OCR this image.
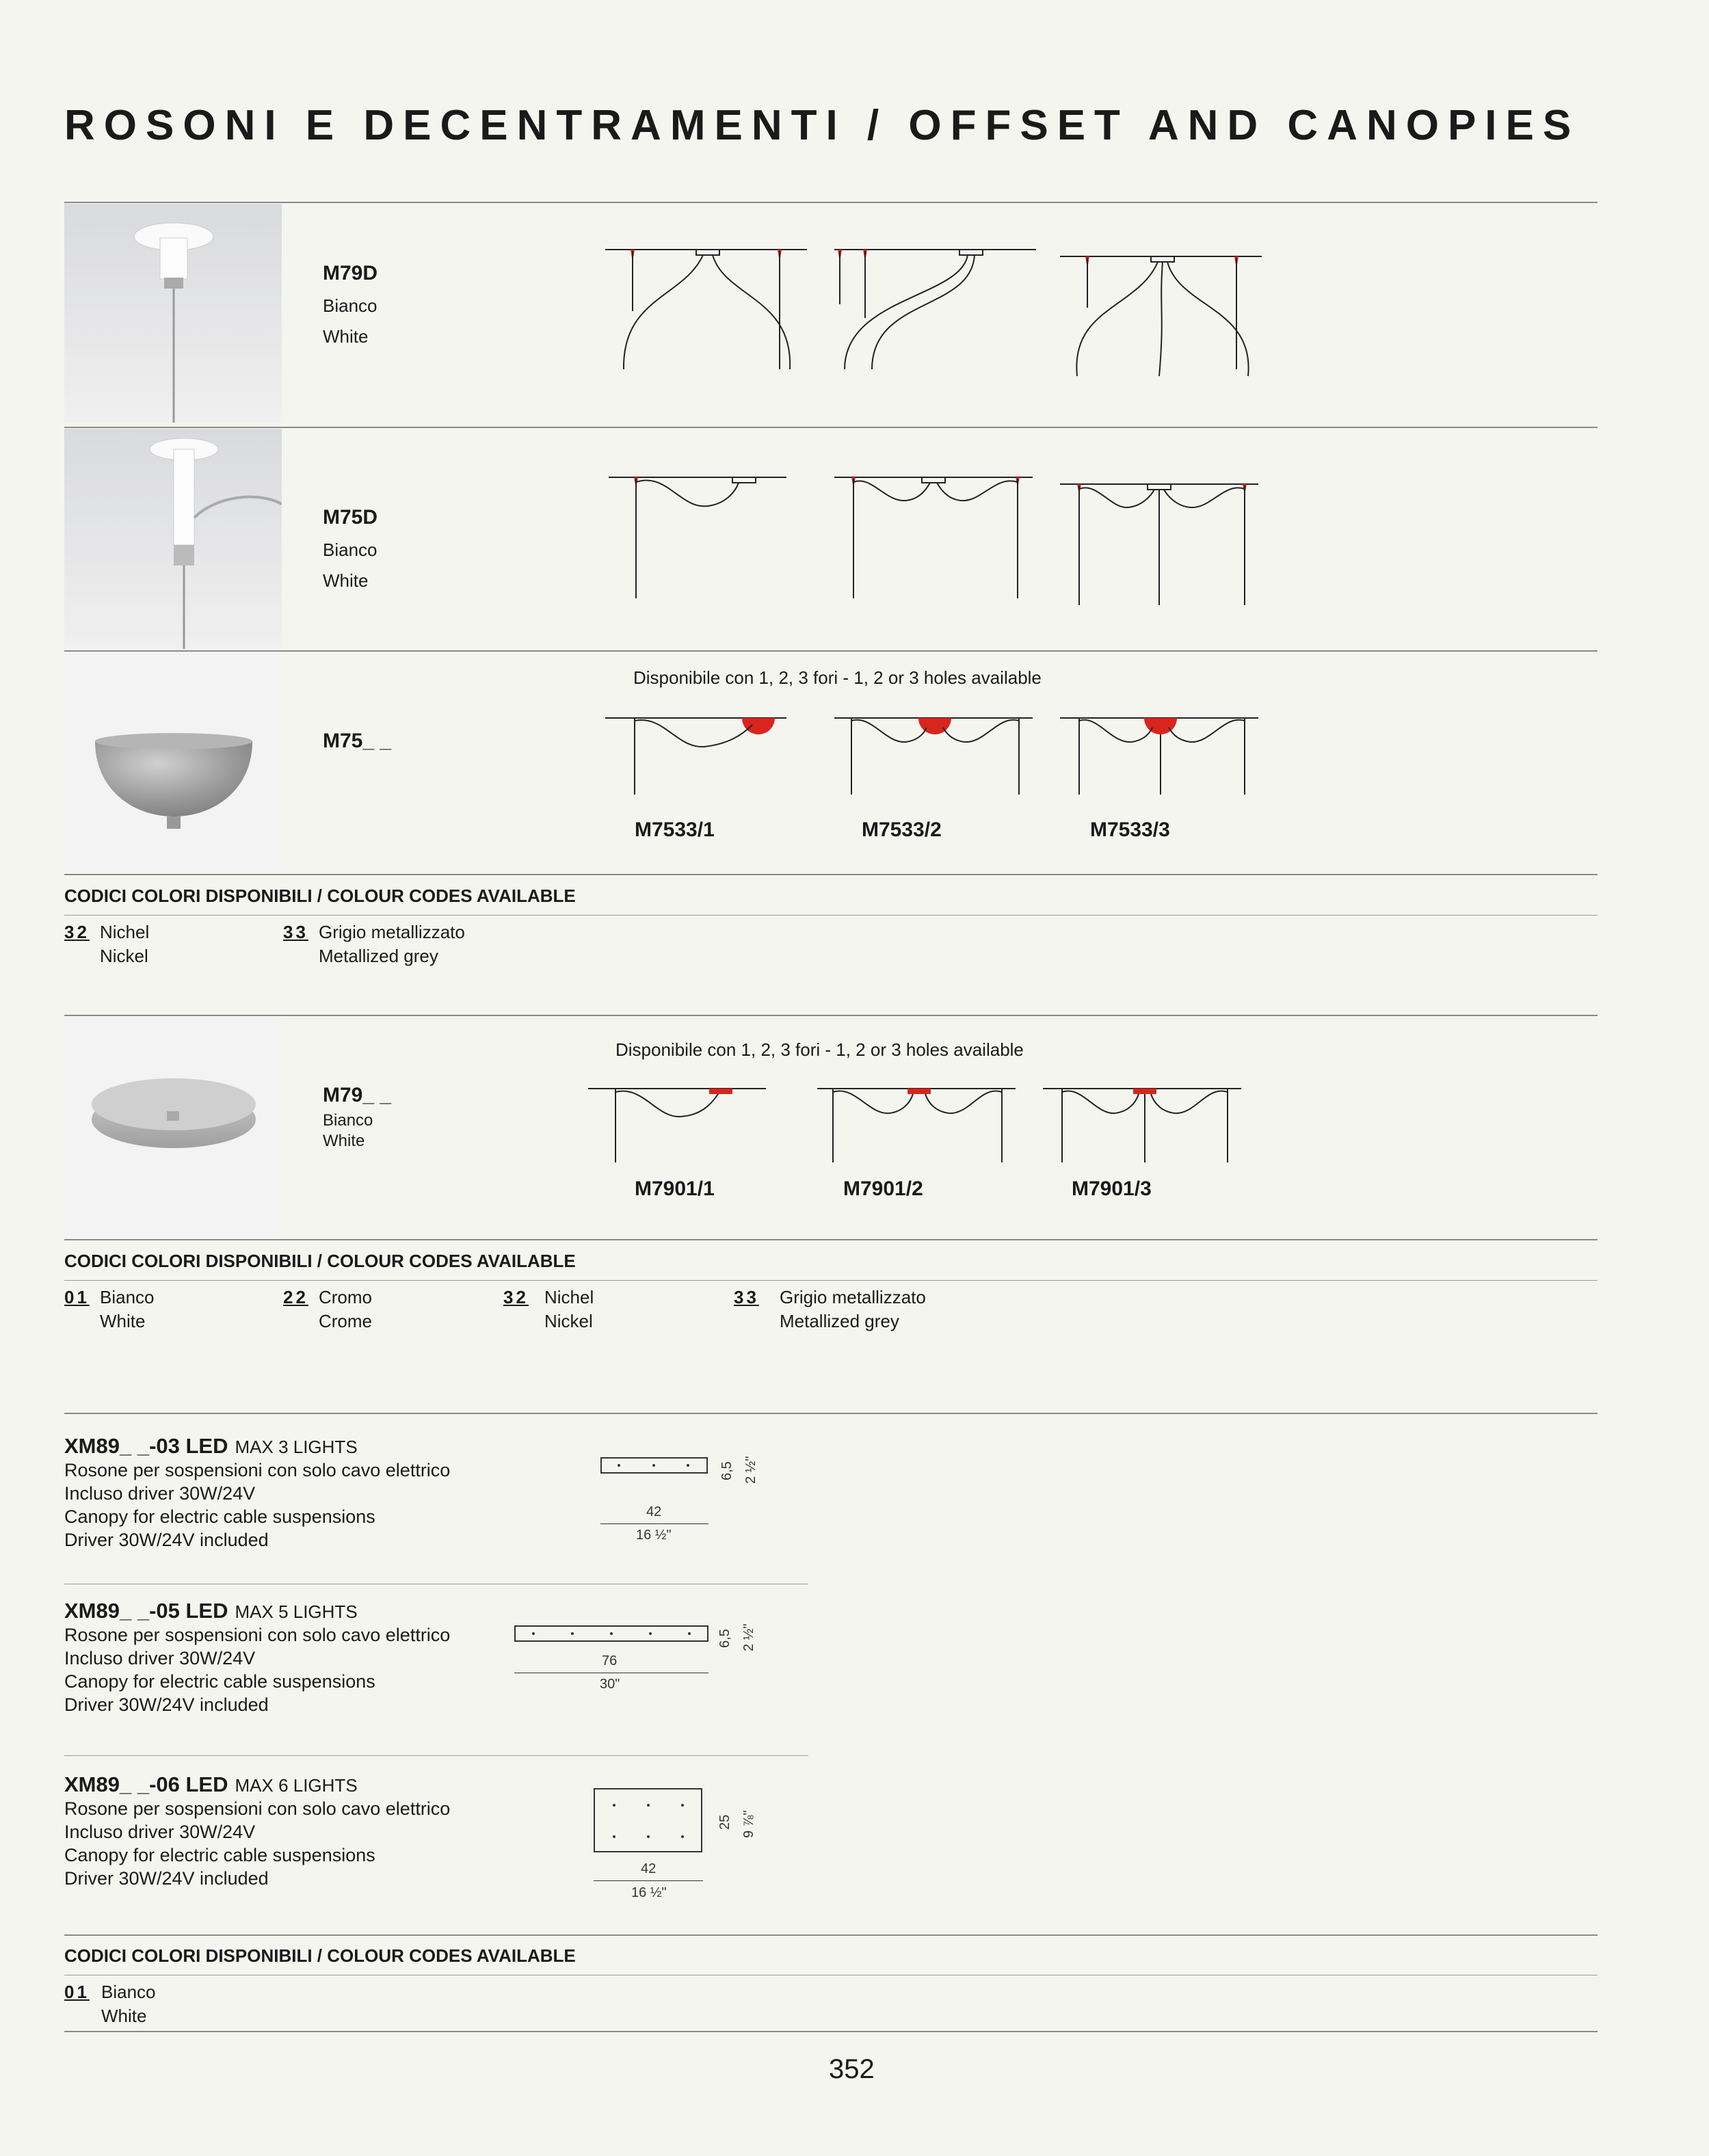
ROSONI E DECENTRAMENTI / OFFSET AND CANOPIES
M79D
Bianco
White
M75D
Bianco
White
M75_ _
Disponibile con 1, 2, 3 fori - 1, 2 or 3 holes available
M7533/1	M7533/2	M7533/3
CODICI COLORI DISPONIBILI / COLOUR CODES AVAILABLE
32 Nichel
Nickel
33 Grigio metallizzato
Metallized grey
M79_ _
Bianco
White
Disponibile con 1, 2, 3 fori - 1, 2 or 3 holes available
M7901/1	M7901/2	M7901/3
CODICI COLORI DISPONIBILI / COLOUR CODES AVAILABLE
01 Bianco
White
22 Cromo
Crome
32 Nichel
Nickel
33 Grigio metallizzato
Metallized grey
XM89_ _-03 LED MAX 3 LIGHTS
Rosone per sospensioni con solo cavo elettrico
Incluso driver 30W/24V
Canopy for electric cable suspensions
Driver 30W/24V included
6,5 2 ½"
42
16 ½"
XM89_ _-05 LED MAX 5 LIGHTS
Rosone per sospensioni con solo cavo elettrico
Incluso driver 30W/24V
Canopy for electric cable suspensions
Driver 30W/24V included
6,5 2 ½"
76
30"
XM89_ _-06 LED MAX 6 LIGHTS
Rosone per sospensioni con solo cavo elettrico
Incluso driver 30W/24V
Canopy for electric cable suspensions
Driver 30W/24V included
25 9 ⅞"
42
16 ½"
CODICI COLORI DISPONIBILI / COLOUR CODES AVAILABLE
01 Bianco
White
352
